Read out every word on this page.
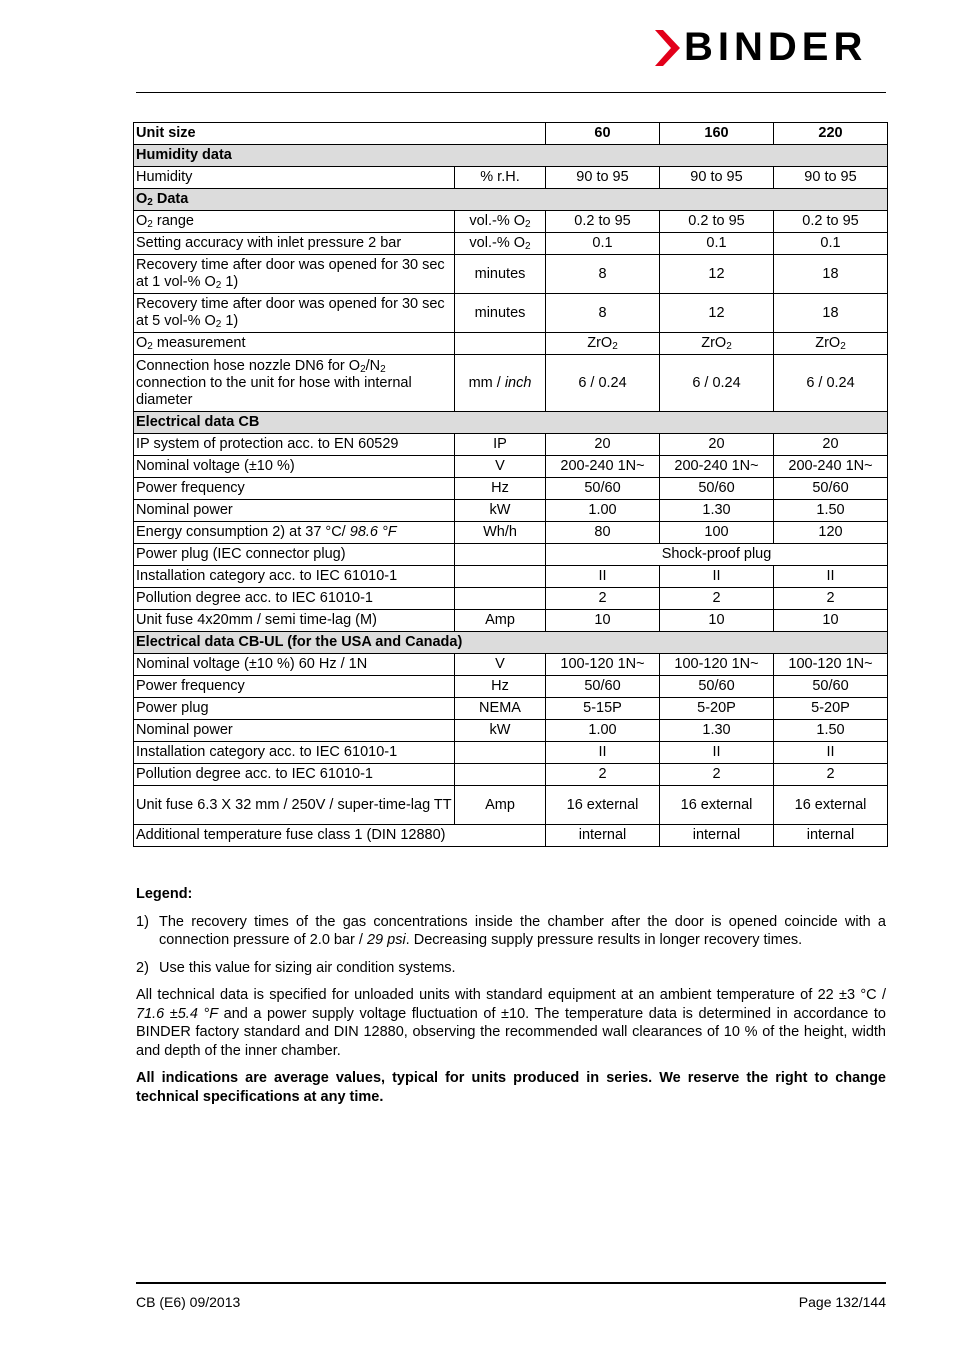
BINDER
Unit size		60	160	220
Humidity data				
Humidity	% r.H.	90 to 95	90 to 95	90 to 95
$O_2$ Data				
$O_2$ range	vol.-% $O_2$	0.2 to 95	0.2 to 95	0.2 to 95
Setting accuracy with inlet pressure 2 bar	vol.-% $O_2$	0.1	0.1	0.1
Recovery time after door was opened for 30 sec at 1 vol-% $O_2$ 1)	minutes	8	12	18
Recovery time after door was opened for 30 sec at 5 vol-% $O_2$ 1)	minutes	8	12	18
$O_2$ measurement		ZrO$_2$	ZrO$_2$	ZrO$_2$
Connection hose nozzle DN6 for $O_2/N_2$ connection to the unit for hose with internal diameter	mm / inch	6 / 0.24	6 / 0.24	6 / 0.24
Electrical data CB				
IP system of protection acc. to EN 60529	IP	20	20	20
Nominal voltage (±10 %)	V	200-240 1N~	200-240 1N~	200-240 1N~
Power frequency	Hz	50/60	50/60	50/60
Nominal power	kW	1.00	1.30	1.50
Energy consumption 2) at 37 °C/ 98.6 °F	Wh/h	80	100	120
Power plug (IEC connector plug)		Shock-proof plug		
Installation category acc. to IEC 61010-1		II	II	II
Pollution degree acc. to IEC 61010-1		2	2	2
Unit fuse 4x20mm / semi time-lag (M)	Amp	10	10	10
Electrical data CB-UL (for the USA and Canada)				
Nominal voltage (±10 %) 60 Hz / 1N	V	100-120 1N~	100-120 1N~	100-120 1N~
Power frequency	Hz	50/60	50/60	50/60
Power plug	NEMA	5-15P	5-20P	5-20P
Nominal power	kW	1.00	1.30	1.50
Installation category acc. to IEC 61010-1		II	II	II
Pollution degree acc. to IEC 61010-1		2	2	2
Unit fuse 6.3 X 32 mm / 250V / super-time-lag TT	Amp	16 external	16 external	16 external
Additional temperature fuse class 1 (DIN 12880)		internal	internal	internal

Legend:

1) The recovery times of the gas concentrations inside the chamber after the door is opened coincide with a connection pressure of 2.0 bar / 29 psi. Decreasing supply pressure results in longer recovery times.
2) Use this value for sizing air condition systems.

All technical data is specified for unloaded units with standard equipment at an ambient temperature of 22 ±3 °C / 71.6 ±5.4 °F and a power supply voltage fluctuation of ±10. The temperature data is determined in accordance to BINDER factory standard and DIN 12880, observing the recommended wall clearances of 10 % of the height, width and depth of the inner chamber.

All indications are average values, typical for units produced in series. We reserve the right to change technical specifications at any time.

CB (E6) 09/2013	Page 132/144
